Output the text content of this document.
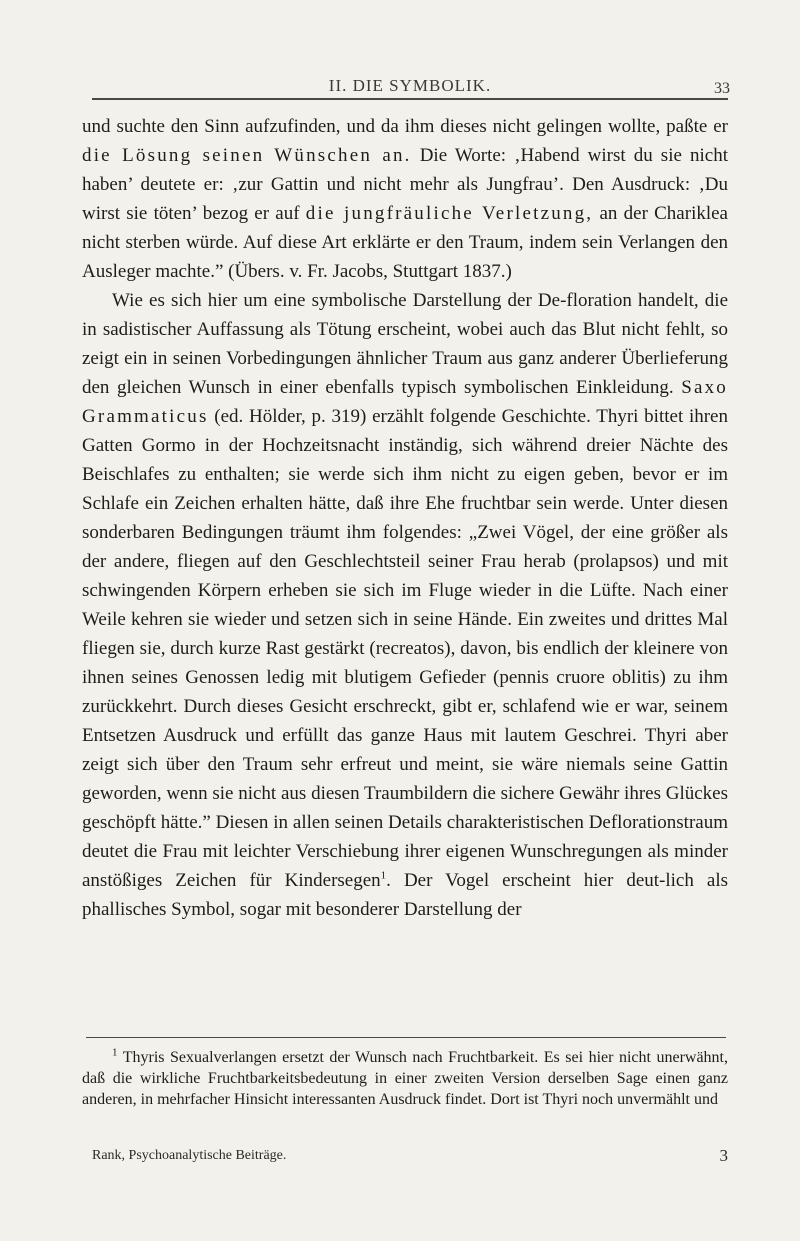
II. DIE SYMBOLIK.	33

und suchte den Sinn aufzufinden, und da ihm dieses nicht gelingen wollte, paßte er die Lösung seinen Wünschen an. Die Worte: ‚Habend wirst du sie nicht haben’ deutete er: ‚zur Gattin und nicht mehr als Jungfrau’. Den Ausdruck: ‚Du wirst sie töten’ bezog er auf die jungfräuliche Verletzung, an der Chariklea nicht sterben würde. Auf diese Art erklärte er den Traum, indem sein Verlangen den Ausleger machte.” (Übers. v. Fr. Jacobs, Stuttgart 1837.)

Wie es sich hier um eine symbolische Darstellung der De-floration handelt, die in sadistischer Auffassung als Tötung erscheint, wobei auch das Blut nicht fehlt, so zeigt ein in seinen Vorbedingungen ähnlicher Traum aus ganz anderer Überlieferung den gleichen Wunsch in einer ebenfalls typisch symbolischen Einkleidung. Saxo Grammaticus (ed. Hölder, p. 319) erzählt folgende Geschichte. Thyri bittet ihren Gatten Gormo in der Hochzeitsnacht inständig, sich während dreier Nächte des Beischlafes zu enthalten; sie werde sich ihm nicht zu eigen geben, bevor er im Schlafe ein Zeichen erhalten hätte, daß ihre Ehe fruchtbar sein werde. Unter diesen sonderbaren Bedingungen träumt ihm folgendes: „Zwei Vögel, der eine größer als der andere, fliegen auf den Geschlechtsteil seiner Frau herab (prolapsos) und mit schwingenden Körpern erheben sie sich im Fluge wieder in die Lüfte. Nach einer Weile kehren sie wieder und setzen sich in seine Hände. Ein zweites und drittes Mal fliegen sie, durch kurze Rast gestärkt (recreatos), davon, bis endlich der kleinere von ihnen seines Genossen ledig mit blutigem Gefieder (pennis cruore oblitis) zu ihm zurückkehrt. Durch dieses Gesicht erschreckt, gibt er, schlafend wie er war, seinem Entsetzen Ausdruck und erfüllt das ganze Haus mit lautem Geschrei. Thyri aber zeigt sich über den Traum sehr erfreut und meint, sie wäre niemals seine Gattin geworden, wenn sie nicht aus diesen Traumbildern die sichere Gewähr ihres Glückes geschöpft hätte.” Diesen in allen seinen Details charakteristischen Deflorationstraum deutet die Frau mit leichter Verschiebung ihrer eigenen Wunschregungen als minder anstößiges Zeichen für Kindersegen$^1$. Der Vogel erscheint hier deut-lich als phallisches Symbol, sogar mit besonderer Darstellung der

$^1$ Thyris Sexualverlangen ersetzt der Wunsch nach Fruchtbarkeit. Es sei hier nicht unerwähnt, daß die wirkliche Fruchtbarkeitsbedeutung in einer zweiten Version derselben Sage einen ganz anderen, in mehrfacher Hinsicht interessanten Ausdruck findet. Dort ist Thyri noch unvermählt und

Rank, Psychoanalytische Beiträge.	3
